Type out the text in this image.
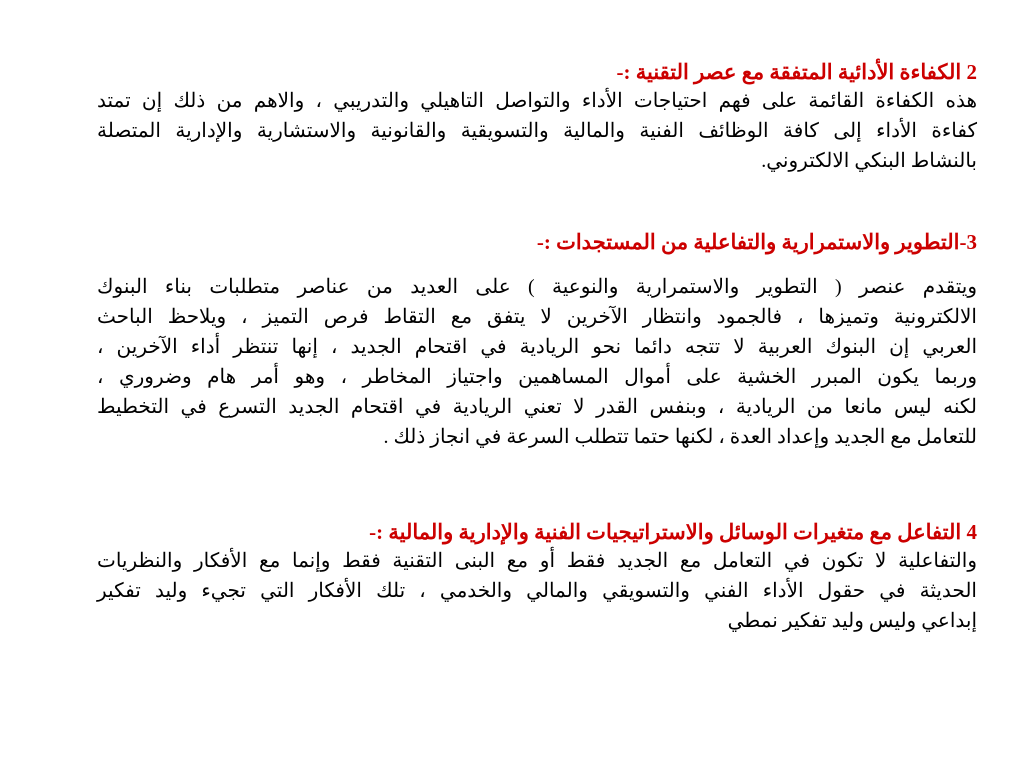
2 الكفاءة الأدائية المتفقة مع عصر التقنية :-
هذه الكفاءة القائمة على فهم احتياجات الأداء والتواصل التاهيلي والتدريبي ، والاهم من ذلك إن تمتد
كفاءة الأداء إلى كافة الوظائف الفنية والمالية والتسويقية والقانونية والاستشارية والإدارية المتصلة
بالنشاط البنكي الالكتروني.
3-التطوير والاستمرارية والتفاعلية من المستجدات :-
ويتقدم عنصر ( التطوير والاستمرارية والنوعية ) على العديد من عناصر متطلبات بناء البنوك
الالكترونية وتميزها ، فالجمود وانتظار الآخرين لا يتفق مع التقاط فرص التميز ، ويلاحظ الباحث
العربي إن البنوك العربية لا تتجه دائما نحو الريادية في اقتحام الجديد ، إنها تنتظر أداء الآخرين ،
وربما يكون المبرر الخشية على أموال المساهمين واجتياز المخاطر ، وهو أمر هام وضروري ،
لكنه ليس مانعا من الريادية ، وبنفس القدر لا تعني الريادية في اقتحام الجديد التسرع في التخطيط
للتعامل مع الجديد وإعداد العدة ، لكنها حتما تتطلب السرعة في انجاز ذلك .
4 التفاعل مع متغيرات الوسائل والاستراتيجيات الفنية والإدارية والمالية :-
والتفاعلية لا تكون في التعامل مع الجديد فقط أو مع البنى التقنية فقط وإنما مع الأفكار والنظريات
الحديثة في حقول الأداء الفني والتسويقي والمالي والخدمي ، تلك الأفكار التي تجيء وليد تفكير
إبداعي وليس وليد تفكير نمطي
